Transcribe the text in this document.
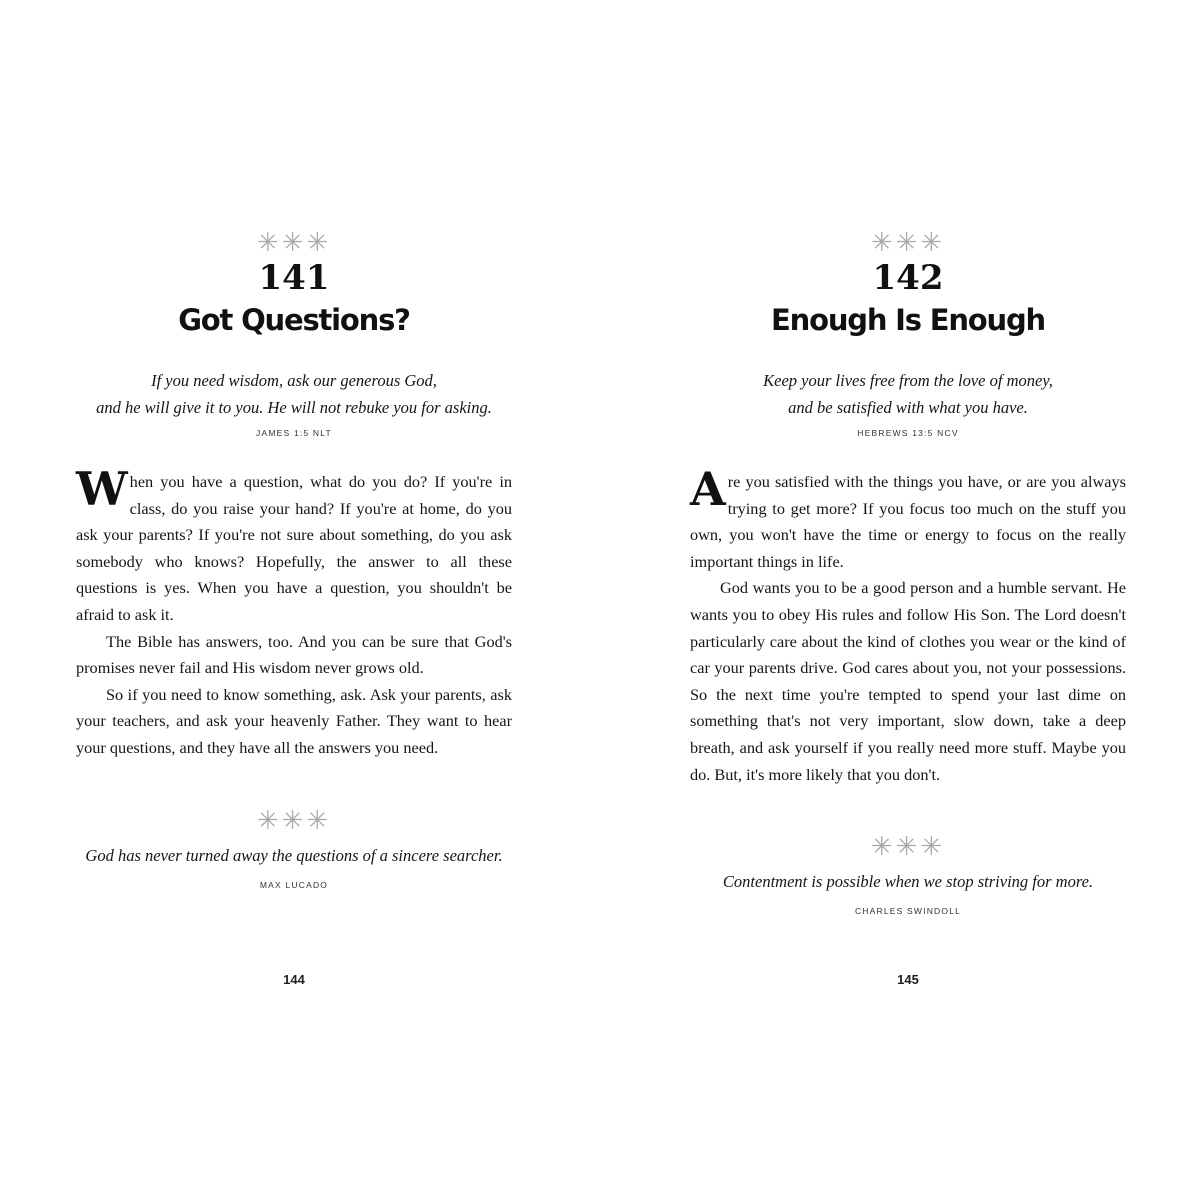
✳✳✳
141
Got Questions?
If you need wisdom, ask our generous God,
and he will give it to you. He will not rebuke you for asking.
JAMES 1:5 NLT

When you have a question, what do you do? If you're in class, do you raise your hand? If you're at home, do you ask your parents? If you're not sure about something, do you ask somebody who knows? Hopefully, the answer to all these questions is yes. When you have a question, you shouldn't be afraid to ask it.

The Bible has answers, too. And you can be sure that God's promises never fail and His wisdom never grows old.

So if you need to know something, ask. Ask your parents, ask your teachers, and ask your heavenly Father. They want to hear your questions, and they have all the answers you need.

✳✳✳
God has never turned away the questions of a sincere searcher.
MAX LUCADO
144
✳✳✳
142
Enough Is Enough
Keep your lives free from the love of money,
and be satisfied with what you have.
HEBREWS 13:5 NCV

Are you satisfied with the things you have, or are you always trying to get more? If you focus too much on the stuff you own, you won't have the time or energy to focus on the really important things in life.

God wants you to be a good person and a humble servant. He wants you to obey His rules and follow His Son. The Lord doesn't particularly care about the kind of clothes you wear or the kind of car your parents drive. God cares about you, not your possessions. So the next time you're tempted to spend your last dime on something that's not very important, slow down, take a deep breath, and ask yourself if you really need more stuff. Maybe you do. But, it's more likely that you don't.

✳✳✳
Contentment is possible when we stop striving for more.
CHARLES SWINDOLL
145
